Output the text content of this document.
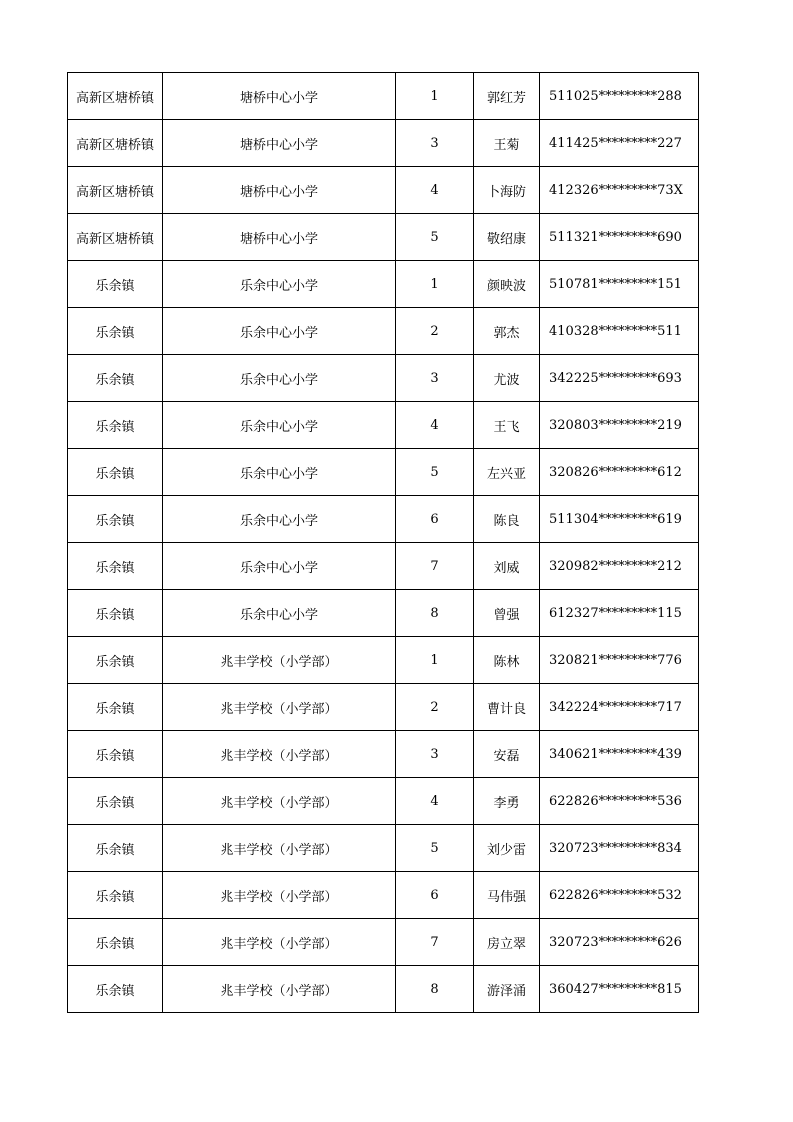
高新区塘桥镇	塘桥中心小学	1	郭红芳	511025*********288
高新区塘桥镇	塘桥中心小学	3	王菊	411425*********227
高新区塘桥镇	塘桥中心小学	4	卜海防	412326*********73X
高新区塘桥镇	塘桥中心小学	5	敬绍康	511321*********690
乐余镇	乐余中心小学	1	颜映波	510781*********151
乐余镇	乐余中心小学	2	郭杰	410328*********511
乐余镇	乐余中心小学	3	尤波	342225*********693
乐余镇	乐余中心小学	4	王飞	320803*********219
乐余镇	乐余中心小学	5	左兴亚	320826*********612
乐余镇	乐余中心小学	6	陈良	511304*********619
乐余镇	乐余中心小学	7	刘威	320982*********212
乐余镇	乐余中心小学	8	曾强	612327*********115
乐余镇	兆丰学校（小学部）	1	陈林	320821*********776
乐余镇	兆丰学校（小学部）	2	曹计良	342224*********717
乐余镇	兆丰学校（小学部）	3	安磊	340621*********439
乐余镇	兆丰学校（小学部）	4	李勇	622826*********536
乐余镇	兆丰学校（小学部）	5	刘少雷	320723*********834
乐余镇	兆丰学校（小学部）	6	马伟强	622826*********532
乐余镇	兆丰学校（小学部）	7	房立翠	320723*********626
乐余镇	兆丰学校（小学部）	8	游泽涌	360427*********815
